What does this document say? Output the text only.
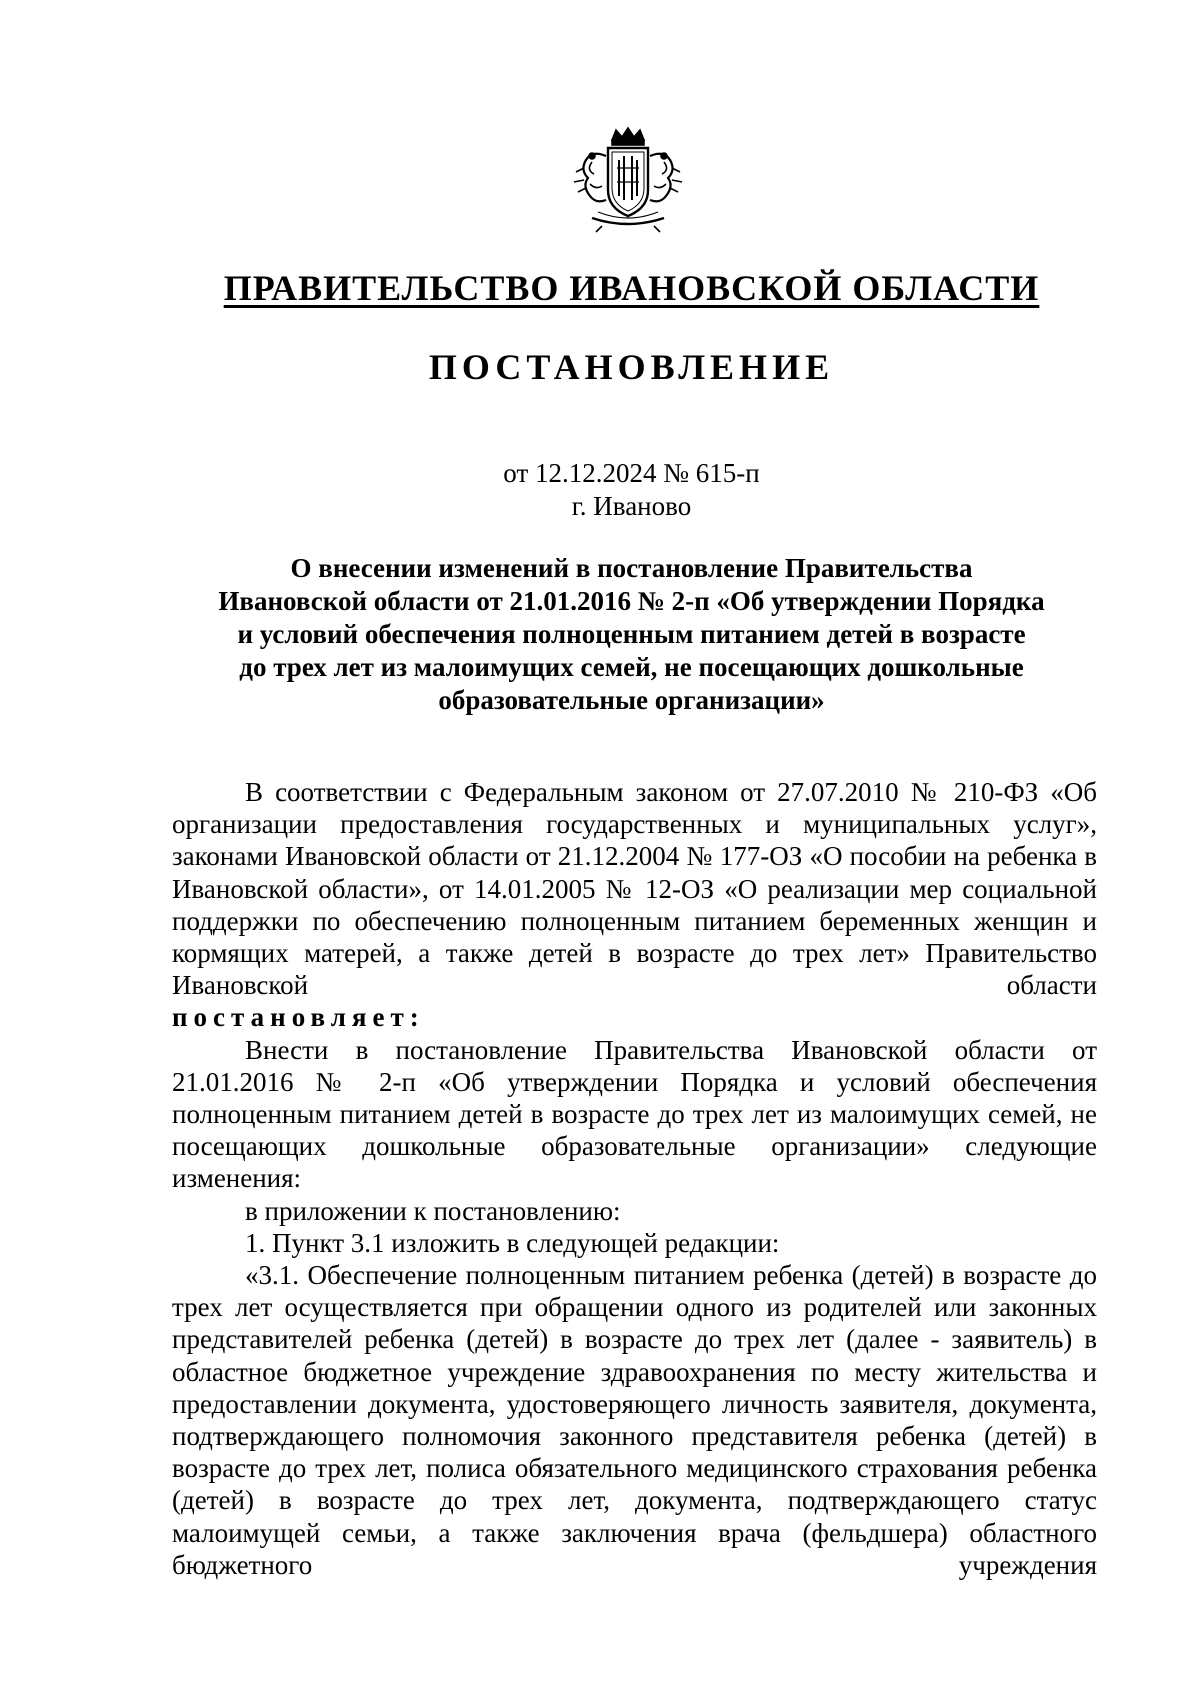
ПРАВИТЕЛЬСТВО ИВАНОВСКОЙ ОБЛАСТИ
ПОСТАНОВЛЕНИЕ
от 12.12.2024 № 615-п
г. Иваново
О внесении изменений в постановление Правительства
Ивановской области от 21.01.2016 № 2-п «Об утверждении Порядка
и условий обеспечения полноценным питанием детей в возрасте
до трех лет из малоимущих семей, не посещающих дошкольные
образовательные организации»

В соответствии с Федеральным законом от 27.07.2010 № 210-ФЗ «Об организации предоставления государственных и муниципальных услуг», законами Ивановской области от 21.12.2004 № 177-ОЗ «О пособии на ребенка в Ивановской области», от 14.01.2005 № 12-ОЗ «О реализации мер социальной поддержки по обеспечению полноценным питанием беременных женщин и кормящих матерей, а также детей в возрасте до трех лет» Правительство Ивановской области

постановляет:

Внести в постановление Правительства Ивановской области от 21.01.2016 № 2-п «Об утверждении Порядка и условий обеспечения полноценным питанием детей в возрасте до трех лет из малоимущих семей, не посещающих дошкольные образовательные организации» следующие изменения:

в приложении к постановлению:

1. Пункт 3.1 изложить в следующей редакции:

«3.1. Обеспечение полноценным питанием ребенка (детей) в возрасте до трех лет осуществляется при обращении одного из родителей или законных представителей ребенка (детей) в возрасте до трех лет (далее - заявитель) в областное бюджетное учреждение здравоохранения по месту жительства и предоставлении документа, удостоверяющего личность заявителя, документа, подтверждающего полномочия законного представителя ребенка (детей) в возрасте до трех лет, полиса обязательного медицинского страхования ребенка (детей) в возрасте до трех лет, документа, подтверждающего статус малоимущей семьи, а также заключения врача (фельдшера) областного бюджетного учреждения
